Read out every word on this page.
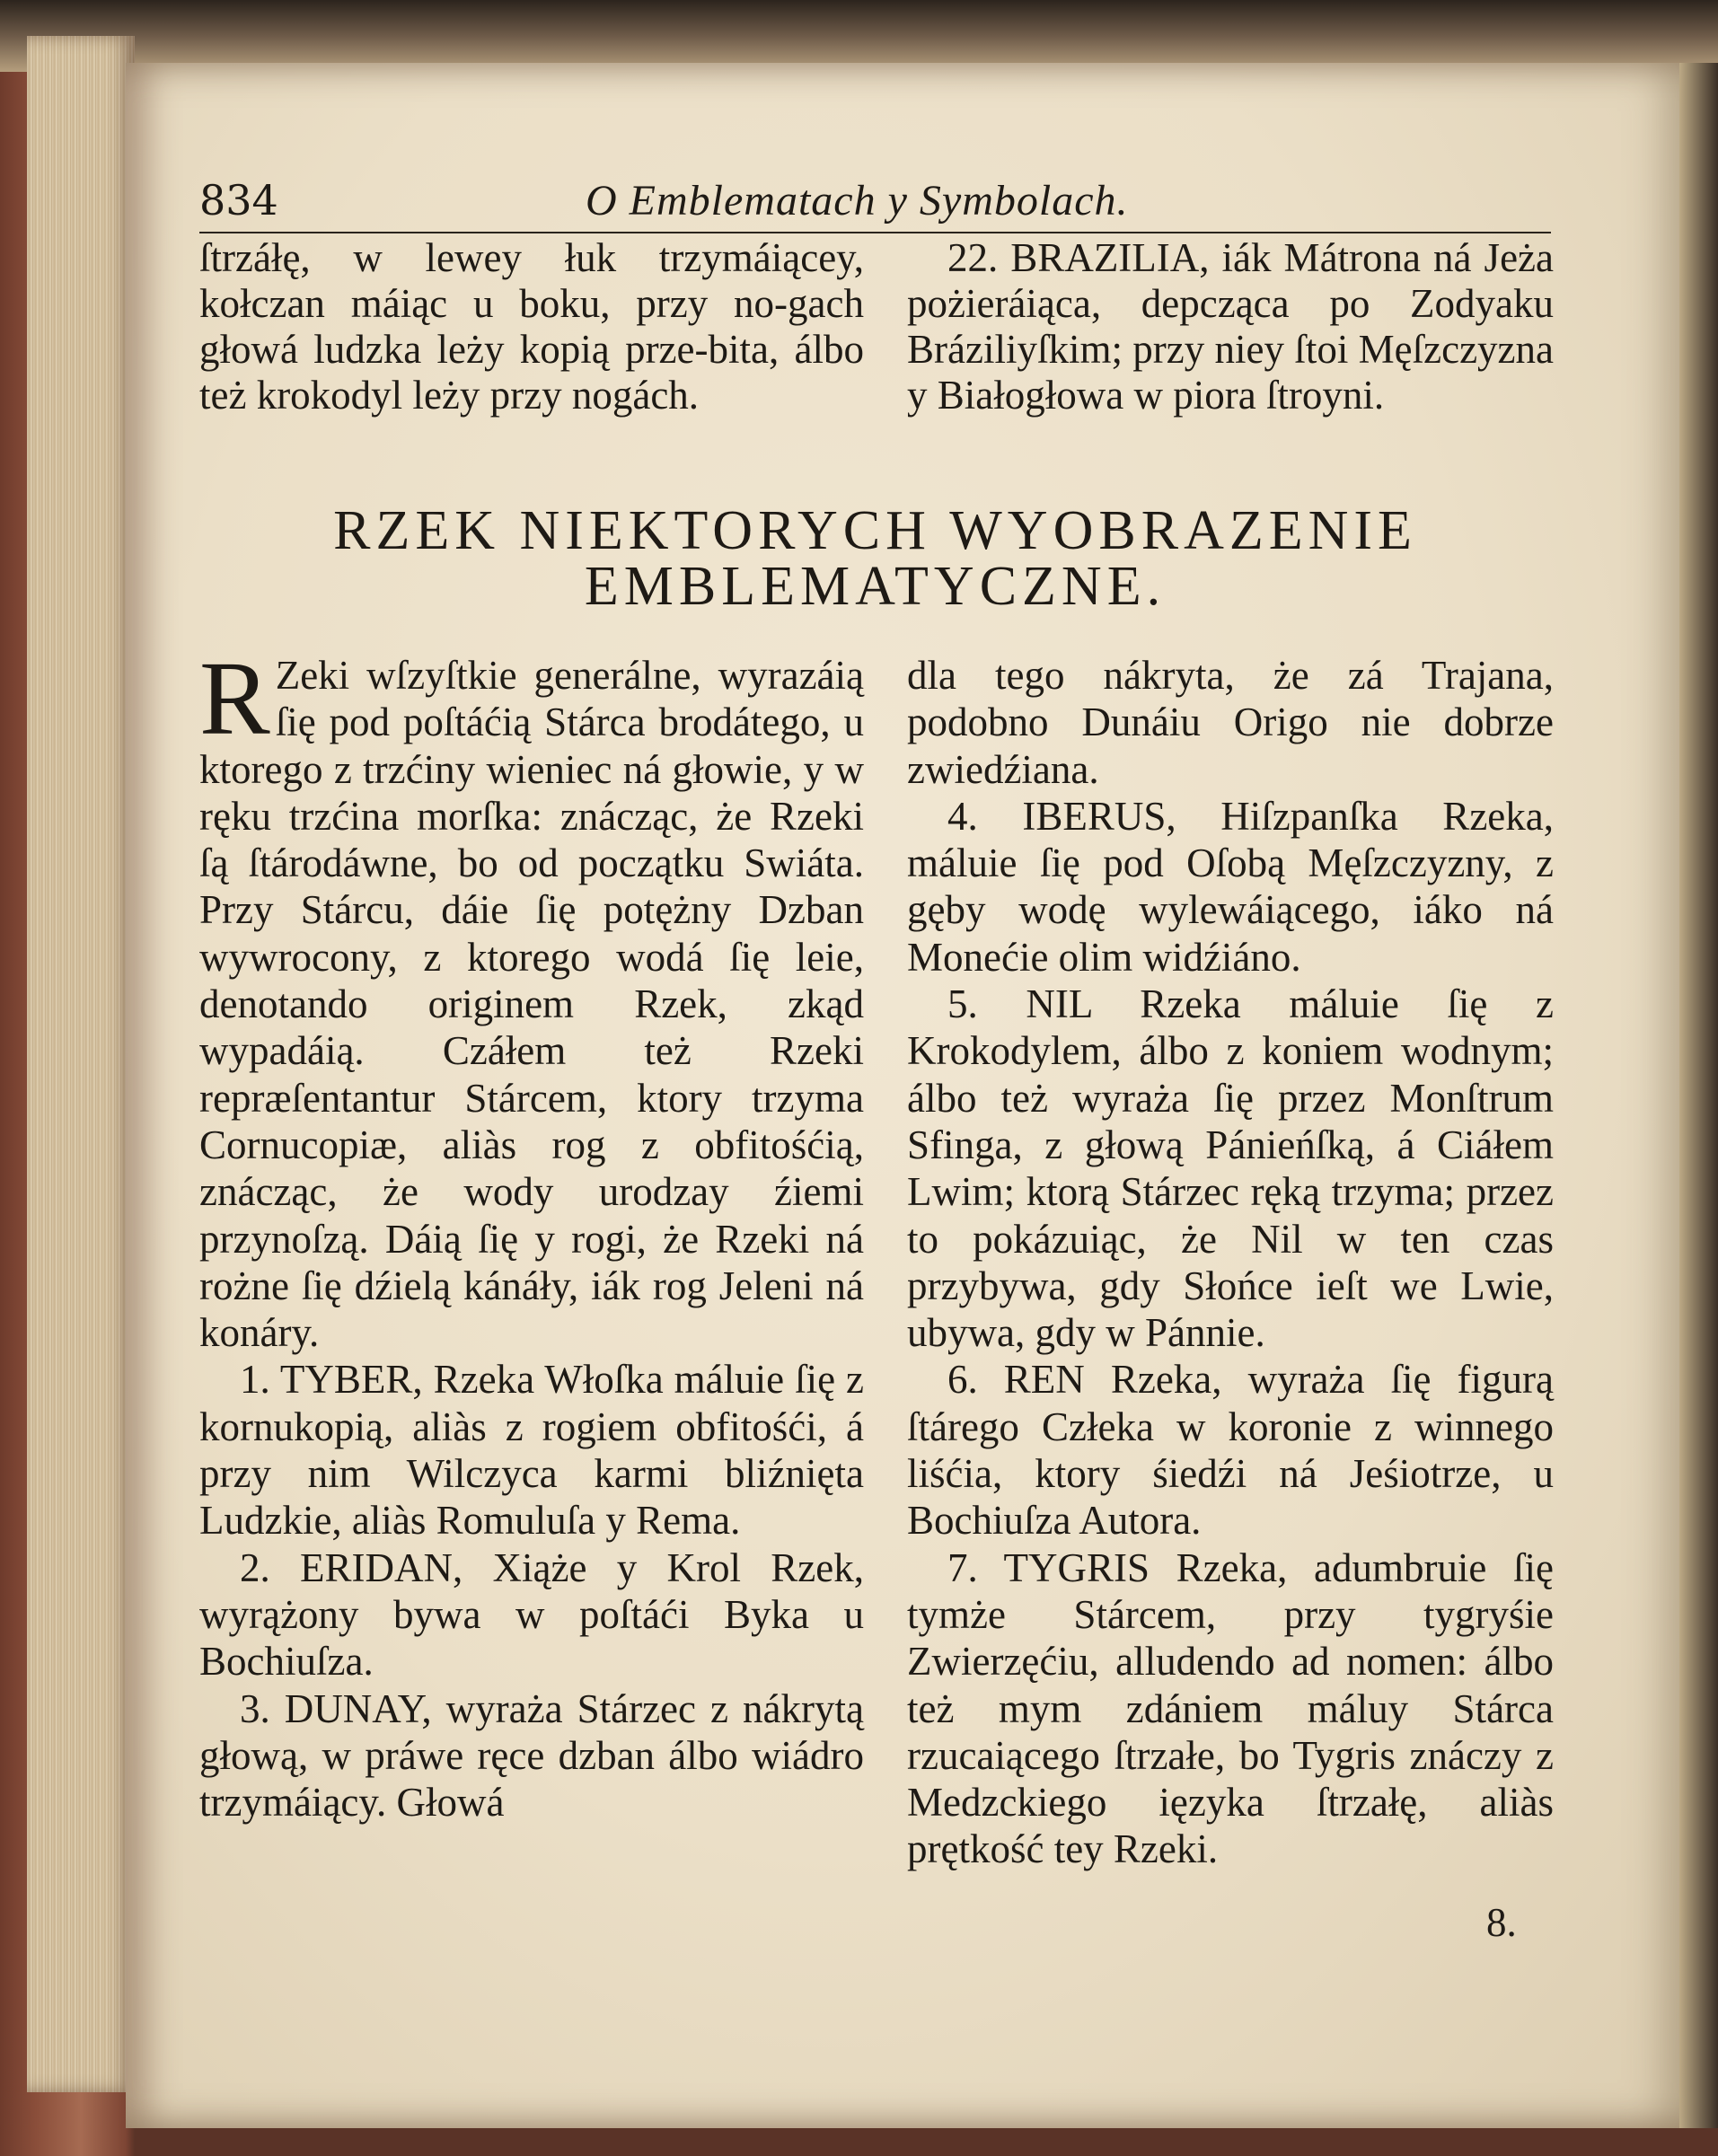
834	O Emblematach y Symbolach.

ſtrzáłę, w lewey łuk trzymáiącey, kołczan máiąc u boku, przy no-gach głowá ludzka leży kopią prze-bita, álbo też krokodyl leży przy nogách.

22. BRAZILIA, iák Mátrona ná Jeża pożieráiąca, depcząca po Zodyaku Bráziliyſkim; przy niey ſtoi Męſzczyzna y Białogłowa w piora ſtroyni.

RZEK NIEKTORYCH WYOBRAZENIE
EMBLEMATYCZNE.

R Zeki wſzyſtkie generálne, wyrazáią ſię pod poſtáćią Stárca brodátego, u ktorego z trzćiny wieniec ná głowie, y w ręku trzćina morſka: znácząc, że Rzeki ſą ſtárodáwne, bo od początku Swiáta. Przy Stárcu, dáie ſię potężny Dzban wywrocony, z ktorego wodá ſię leie, denotando originem Rzek, zkąd wypadáią. Czáłem też Rzeki repræſentantur Stárcem, ktory trzyma Cornucopiæ, aliàs rog z obfitośćią, znácząc, że wody urodzay źiemi przynoſzą. Dáią ſię y rogi, że Rzeki ná rożne ſię dźielą kánáły, iák rog Jeleni ná konáry.

1. TYBER, Rzeka Włoſka máluie ſię z kornukopią, aliàs z rogiem obfitośći, á przy nim Wilczyca karmi bliźnięta Ludzkie, aliàs Romuluſa y Rema.

2. ERIDAN, Xiąże y Krol Rzek, wyrążony bywa w poſtáći Byka u Bochiuſza.

3. DUNAY, wyraża Stárzec z nákrytą głową, w práwe ręce dzban álbo wiádro trzymáiący. Głowá

dla tego nákryta, że zá Trajana, podobno Dunáiu Origo nie dobrze zwiedźiana.

4. IBERUS, Hiſzpanſka Rzeka, máluie ſię pod Oſobą Męſzczyzny, z gęby wodę wylewáiącego, iáko ná Monećie olim widźiáno.

5. NIL Rzeka máluie ſię z Krokodylem, álbo z koniem wodnym; álbo też wyraża ſię przez Monſtrum Sfinga, z głową Pánieńſką, á Ciáłem Lwim; ktorą Stárzec ręką trzyma; przez to pokázuiąc, że Nil w ten czas przybywa, gdy Słońce ieſt we Lwie, ubywa, gdy w Pánnie.

6. REN Rzeka, wyraża ſię figurą ſtárego Człeka w koronie z winnego liśćia, ktory śiedźi ná Jeśiotrze, u Bochiuſza Autora.

7. TYGRIS Rzeka, adumbruie ſię tymże Stárcem, przy tygryśie Zwierzęćiu, alludendo ad nomen: álbo też mym zdániem máluy Stárca rzucaiącego ſtrzałe, bo Tygris znáczy z Medzckiego ięzyka ſtrzałę, aliàs prętkość tey Rzeki.

8.
